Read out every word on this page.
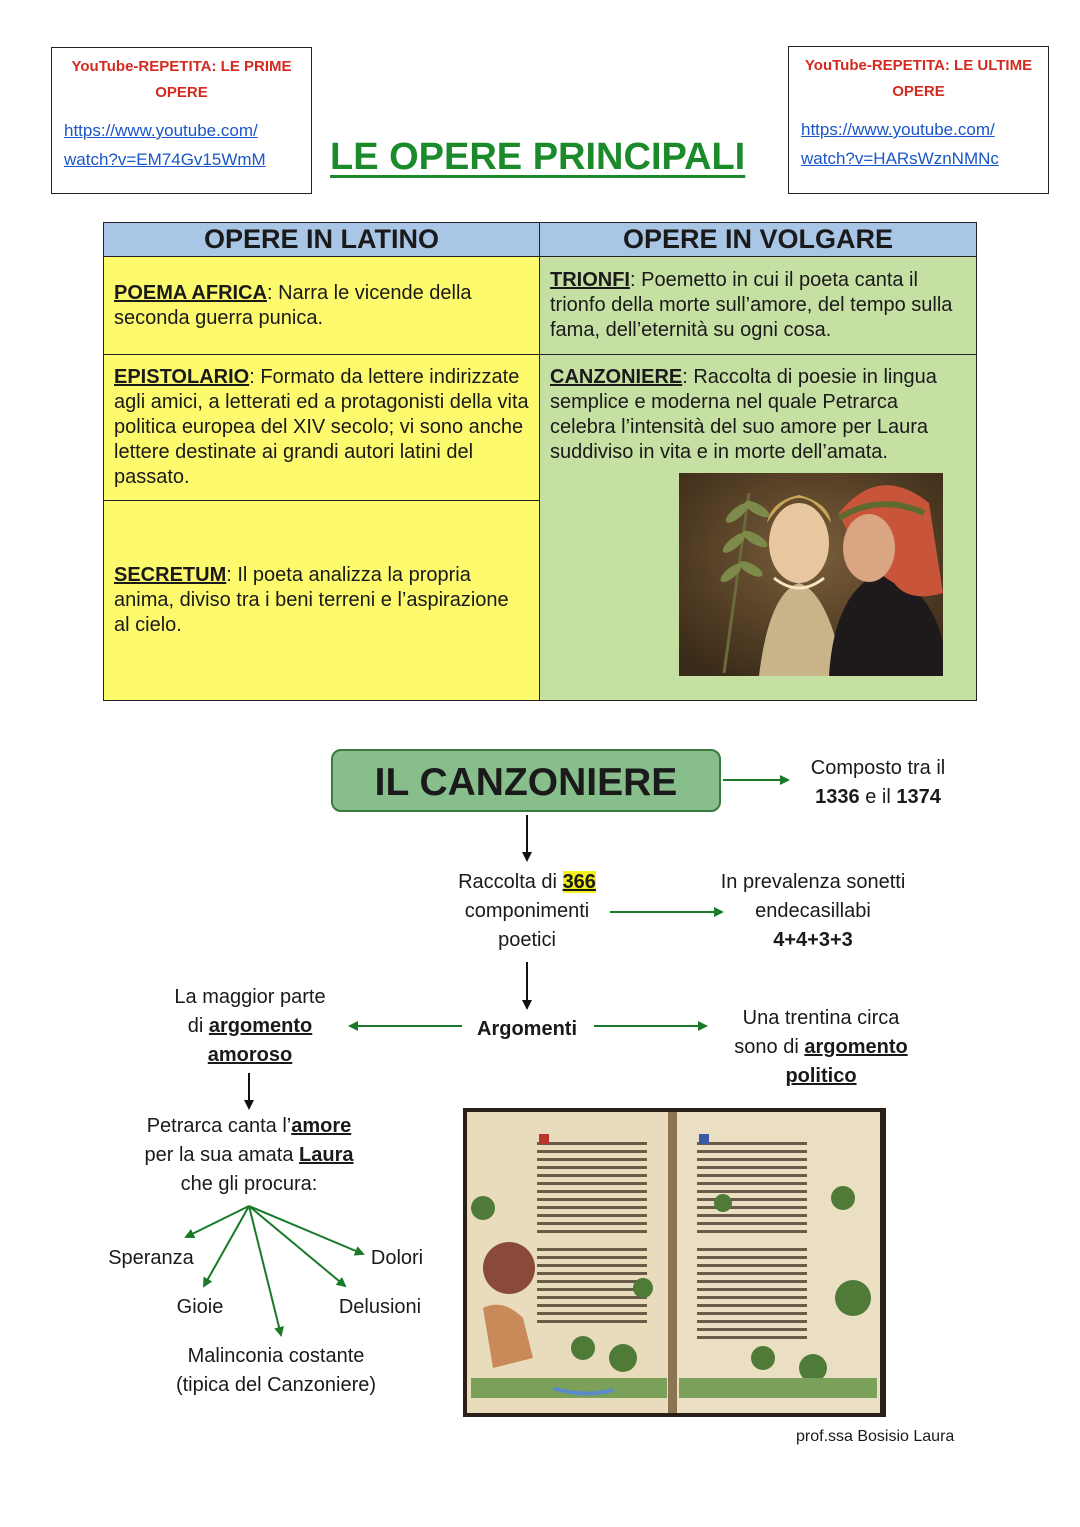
YouTube-REPETITA: LE PRIME
OPERE
https://www.youtube.com/
watch?v=EM74Gv15WmM
YouTube-REPETITA: LE ULTIME
OPERE
https://www.youtube.com/
watch?v=HARsWznNMNc
LE OPERE PRINCIPALI
OPERE IN LATINO	OPERE IN VOLGARE
POEMA AFRICA: Narra le vicende della seconda guerra punica.	TRIONFI: Poemetto in cui il poeta canta il trionfo della morte sull’amore, del tempo sulla fama, dell’eternità su ogni cosa.
EPISTOLARIO: Formato da lettere indirizzate agli amici, a letterati ed a protagonisti della vita politica europea del XIV secolo; vi sono anche lettere destinate ai grandi autori latini del passato.	CANZONIERE: Raccolta di poesie in lingua semplice e moderna nel quale Petrarca celebra l’intensità del suo amore per Laura suddiviso in vita e in morte dell’amata.

SECRETUM: Il poeta analizza la propria anima, diviso tra i beni terreni e l’aspirazione al cielo.	
IL CANZONIERE	Composto tra il
1336 e il 1374
Raccolta di 366
componimenti
poetici
In prevalenza sonetti
endecasillabi
4+4+3+3
Argomenti
La maggior parte
di argomento
amoroso
Una trentina circa
sono di argomento
politico
Petrarca canta l’amore
per la sua amata Laura
che gli procura:
Speranza	Dolori
Gioie	Delusioni
Malinconia costante
(tipica del Canzoniere)
prof.ssa Bosisio Laura
